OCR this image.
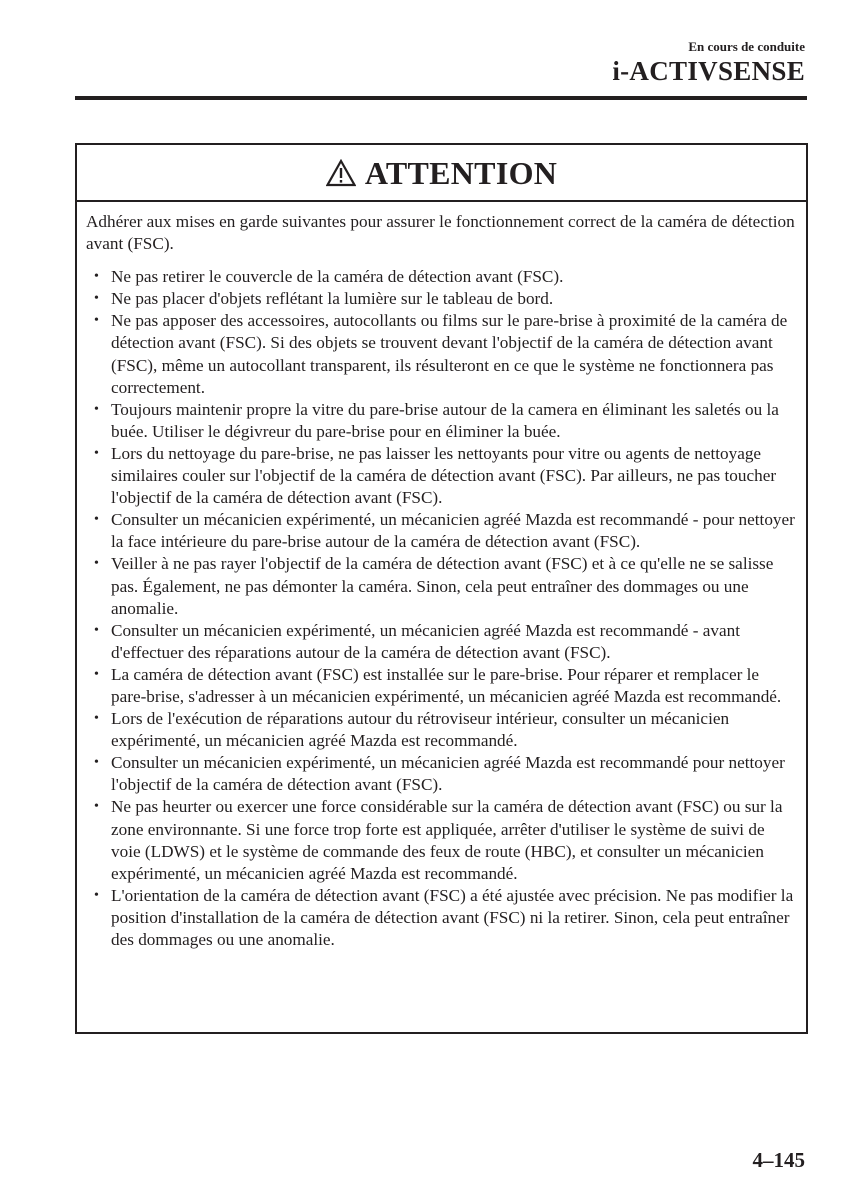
En cours de conduite
i-ACTIVSENSE
ATTENTION

Adhérer aux mises en garde suivantes pour assurer le fonctionnement correct de la caméra de détection avant (FSC).

• Ne pas retirer le couvercle de la caméra de détection avant (FSC).
• Ne pas placer d'objets reflétant la lumière sur le tableau de bord.
• Ne pas apposer des accessoires, autocollants ou films sur le pare-brise à proximité de la caméra de détection avant (FSC). Si des objets se trouvent devant l'objectif de la caméra de détection avant (FSC), même un autocollant transparent, ils résulteront en ce que le système ne fonctionnera pas correctement.
• Toujours maintenir propre la vitre du pare-brise autour de la camera en éliminant les saletés ou la buée. Utiliser le dégivreur du pare-brise pour en éliminer la buée.
• Lors du nettoyage du pare-brise, ne pas laisser les nettoyants pour vitre ou agents de nettoyage similaires couler sur l'objectif de la caméra de détection avant (FSC). Par ailleurs, ne pas toucher l'objectif de la caméra de détection avant (FSC).
• Consulter un mécanicien expérimenté, un mécanicien agréé Mazda est recommandé - pour nettoyer la face intérieure du pare-brise autour de la caméra de détection avant (FSC).
• Veiller à ne pas rayer l'objectif de la caméra de détection avant (FSC) et à ce qu'elle ne se salisse pas. Également, ne pas démonter la caméra. Sinon, cela peut entraîner des dommages ou une anomalie.
• Consulter un mécanicien expérimenté, un mécanicien agréé Mazda est recommandé - avant d'effectuer des réparations autour de la caméra de détection avant (FSC).
• La caméra de détection avant (FSC) est installée sur le pare-brise. Pour réparer et remplacer le pare-brise, s'adresser à un mécanicien expérimenté, un mécanicien agréé Mazda est recommandé.
• Lors de l'exécution de réparations autour du rétroviseur intérieur, consulter un mécanicien expérimenté, un mécanicien agréé Mazda est recommandé.
• Consulter un mécanicien expérimenté, un mécanicien agréé Mazda est recommandé pour nettoyer l'objectif de la caméra de détection avant (FSC).
• Ne pas heurter ou exercer une force considérable sur la caméra de détection avant (FSC) ou sur la zone environnante. Si une force trop forte est appliquée, arrêter d'utiliser le système de suivi de voie (LDWS) et le système de commande des feux de route (HBC), et consulter un mécanicien expérimenté, un mécanicien agréé Mazda est recommandé.
• L'orientation de la caméra de détection avant (FSC) a été ajustée avec précision. Ne pas modifier la position d'installation de la caméra de détection avant (FSC) ni la retirer. Sinon, cela peut entraîner des dommages ou une anomalie.
4–145
